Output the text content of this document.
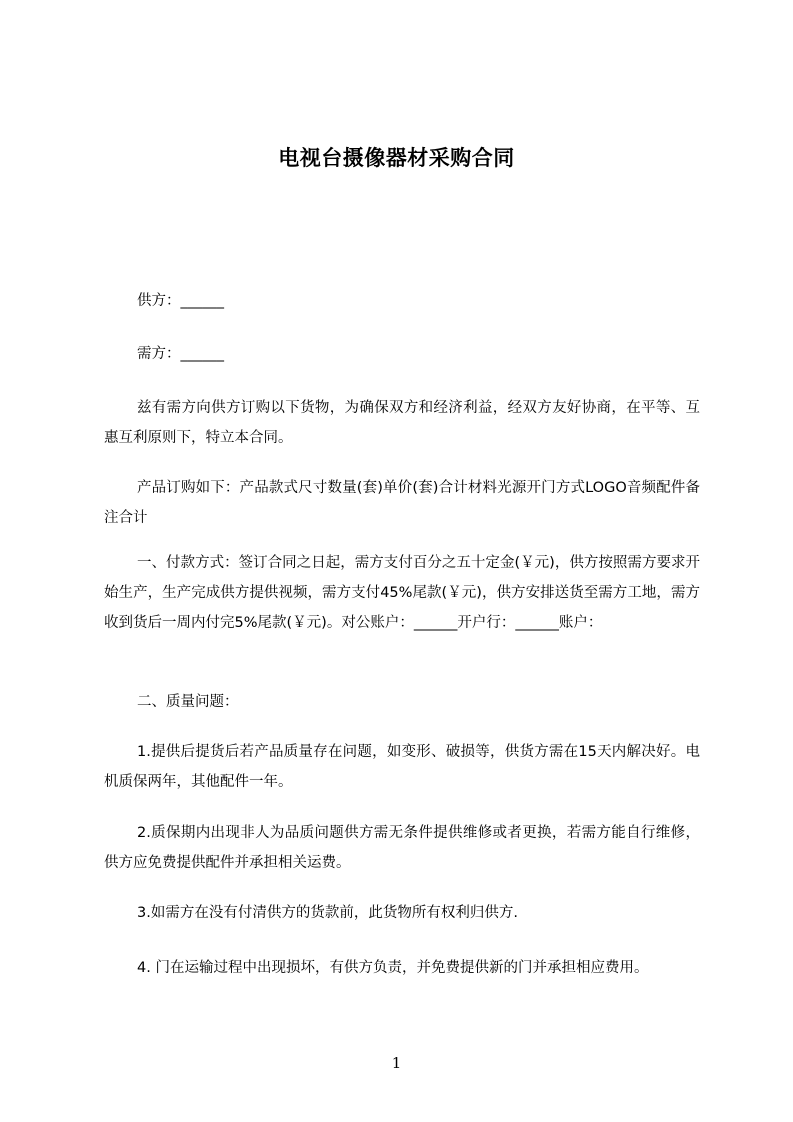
电视台摄像器材采购合同
供方：______
需方：______

兹有需方向供方订购以下货物，为确保双方和经济利益，经双方友好协商，在平等、互惠互利原则下，特立本合同。

产品订购如下：产品款式尺寸数量(套)单价(套)合计材料光源开门方式LOGO音频配件备注合计

一、付款方式：签订合同之日起，需方支付百分之五十定金(￥元)，供方按照需方要求开始生产，生产完成供方提供视频，需方支付45%尾款(￥元)，供方安排送货至需方工地，需方收到货后一周内付完5%尾款(￥元)。对公账户：______开户行：______账户：

二、质量问题：

1.提供后提货后若产品质量存在问题，如变形、破损等，供货方需在15天内解决好。电机质保两年，其他配件一年。

2.质保期内出现非人为品质问题供方需无条件提供维修或者更换，若需方能自行维修，供方应免费提供配件并承担相关运费。

3.如需方在没有付清供方的货款前，此货物所有权利归供方.

4. 门在运输过程中出现损坏，有供方负责，并免费提供新的门并承担相应费用。

1
